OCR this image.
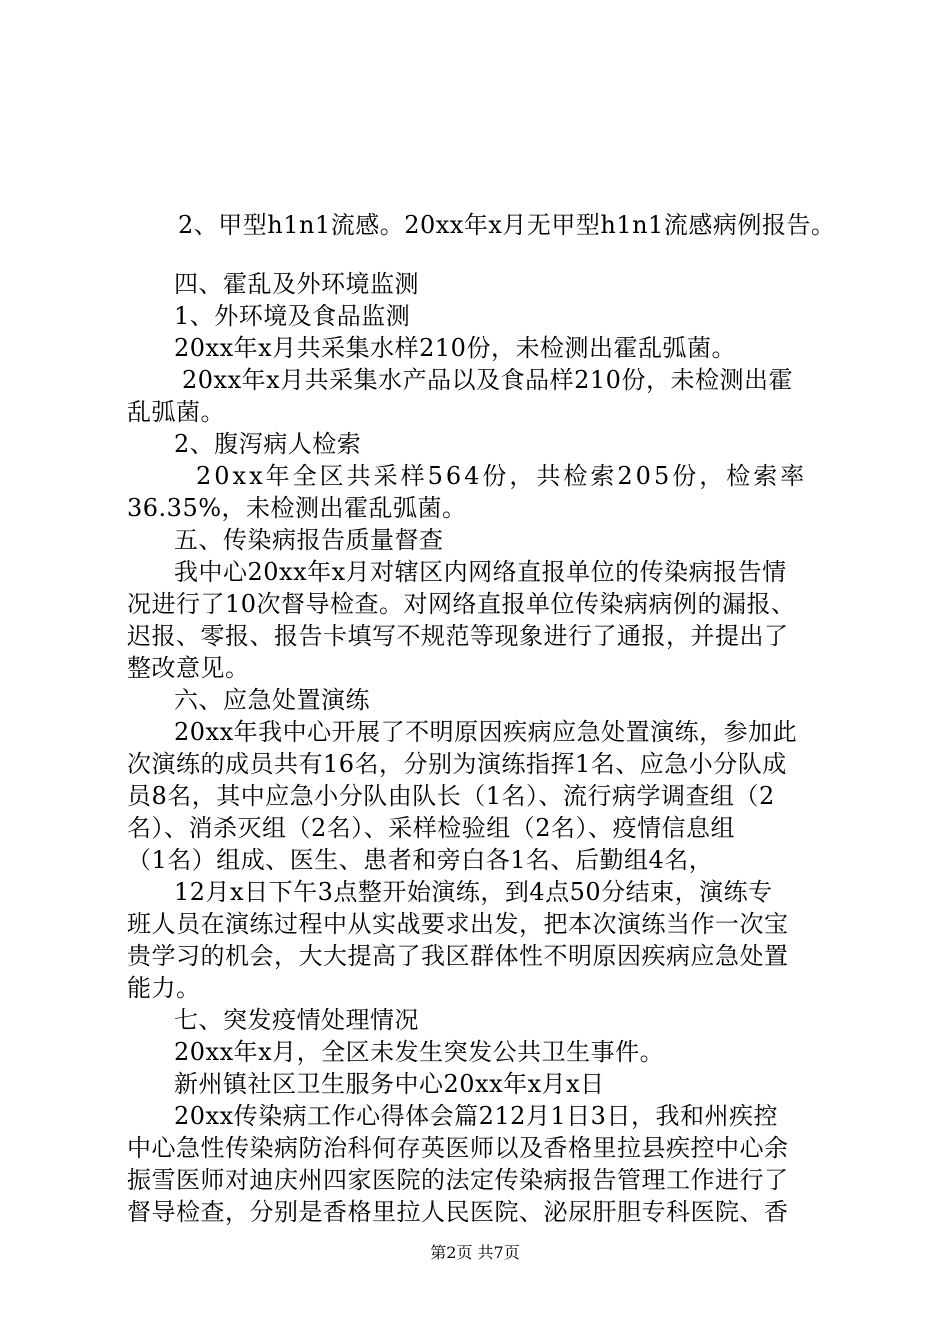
2、甲型h1n1流感。20xx年x月无甲型h1n1流感病例报告。
四、霍乱及外环境监测
1、外环境及食品监测
20xx年x月共采集水样210份，未检测出霍乱弧菌。
20xx年x月共采集水产品以及食品样210份，未检测出霍
乱弧菌。
2、腹泻病人检索
20xx年全区共采样564份，共检索205份，检索率
36.35%，未检测出霍乱弧菌。
五、传染病报告质量督查
我中心20xx年x月对辖区内网络直报单位的传染病报告情
况进行了10次督导检查。对网络直报单位传染病病例的漏报、
迟报、零报、报告卡填写不规范等现象进行了通报，并提出了
整改意见。
六、应急处置演练
20xx年我中心开展了不明原因疾病应急处置演练，参加此
次演练的成员共有16名，分别为演练指挥1名、应急小分队成
员8名，其中应急小分队由队长（1名）、流行病学调查组（2
名）、消杀灭组（2名）、采样检验组（2名）、疫情信息组
（1名）组成、医生、患者和旁白各1名、后勤组4名，
12月x日下午3点整开始演练，到4点50分结束，演练专
班人员在演练过程中从实战要求出发，把本次演练当作一次宝
贵学习的机会，大大提高了我区群体性不明原因疾病应急处置
能力。
七、突发疫情处理情况
20xx年x月，全区未发生突发公共卫生事件。
新州镇社区卫生服务中心20xx年x月x日
20xx传染病工作心得体会篇212月1日3日，我和州疾控
中心急性传染病防治科何存英医师以及香格里拉县疾控中心余
振雪医师对迪庆州四家医院的法定传染病报告管理工作进行了
督导检查，分别是香格里拉人民医院、泌尿肝胆专科医院、香
第2页 共7页
